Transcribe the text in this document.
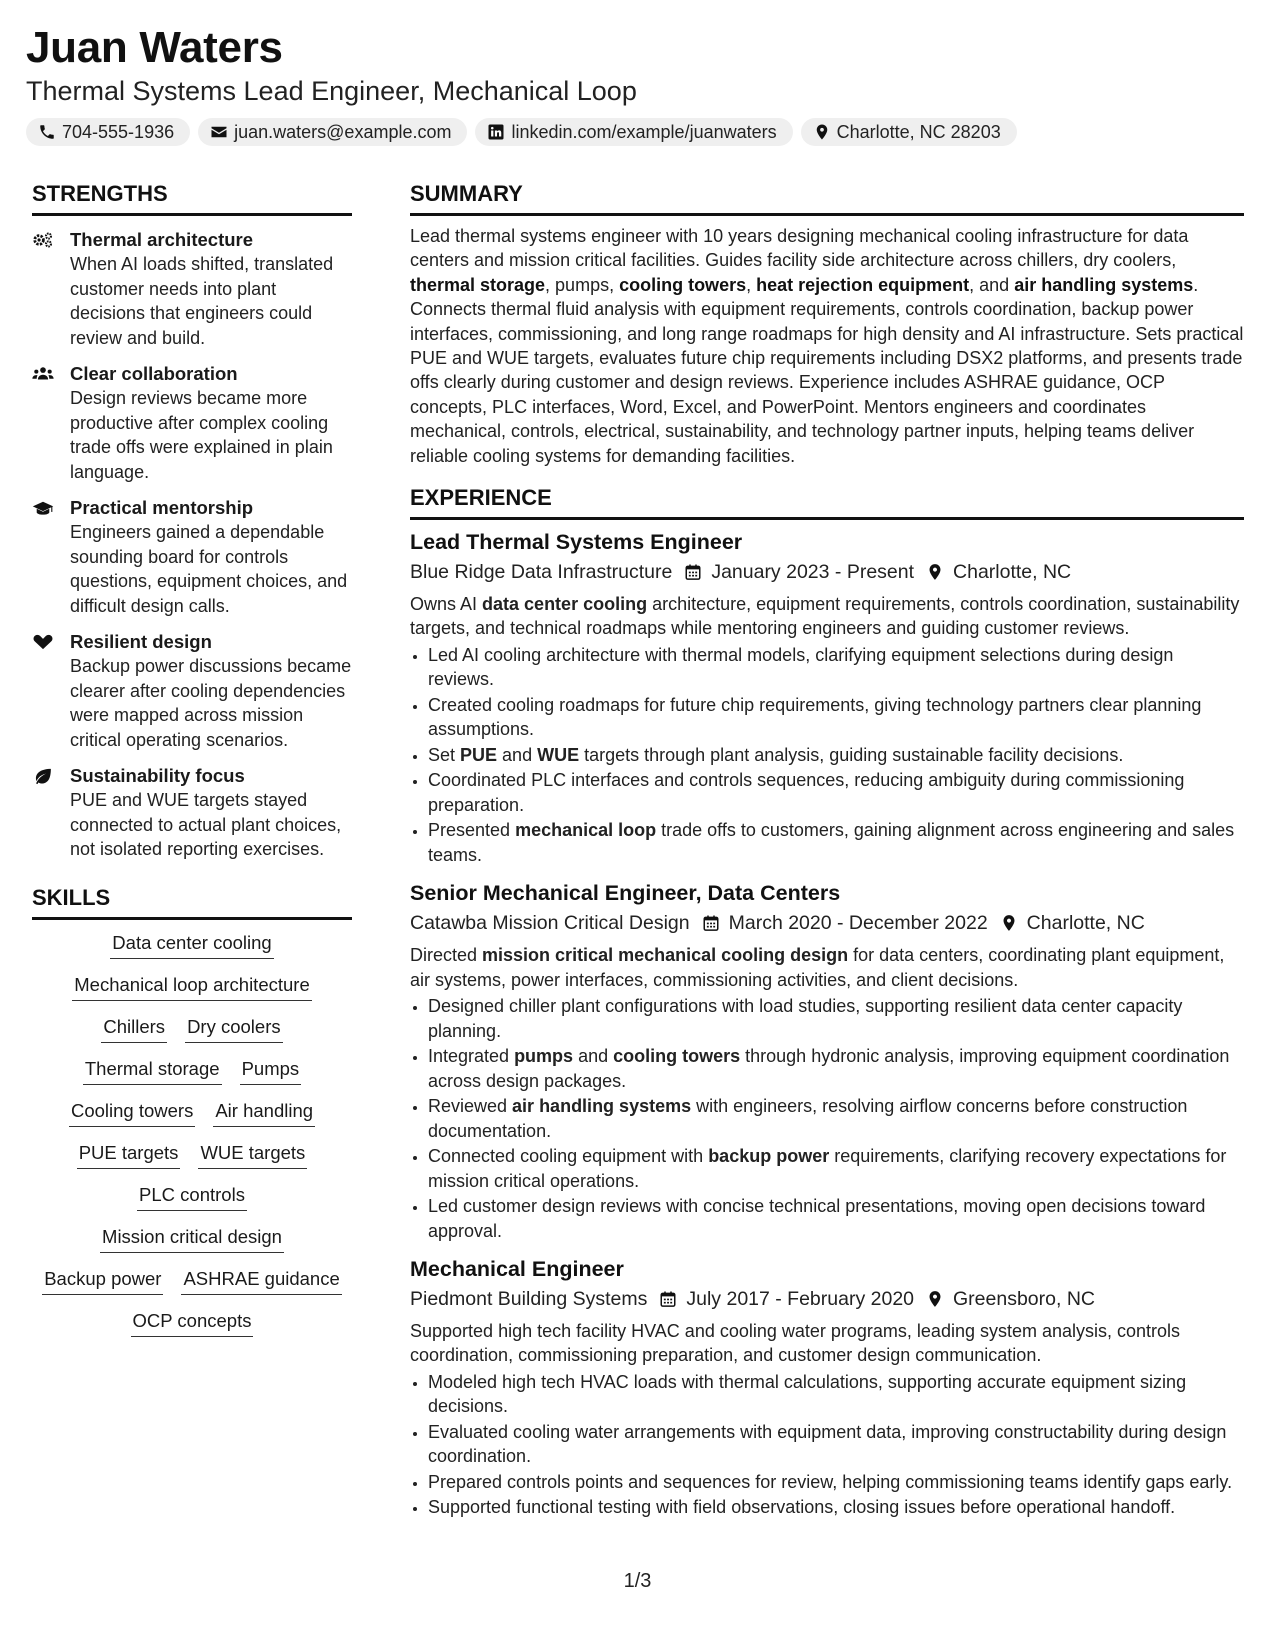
Juan Waters
Thermal Systems Lead Engineer, Mechanical Loop
704-555-1936	juan.waters@example.com	linkedin.com/example/juanwaters	Charlotte, NC 28203
STRENGTHS
Thermal architecture
When AI loads shifted, translated customer needs into plant decisions that engineers could review and build.
Clear collaboration
Design reviews became more productive after complex cooling trade offs were explained in plain language.
Practical mentorship
Engineers gained a dependable sounding board for controls questions, equipment choices, and difficult design calls.
Resilient design
Backup power discussions became clearer after cooling dependencies were mapped across mission critical operating scenarios.
Sustainability focus
PUE and WUE targets stayed connected to actual plant choices, not isolated reporting exercises.
SKILLS
Data center cooling
Mechanical loop architecture
Chillers Dry coolers
Thermal storage Pumps
Cooling towers Air handling
PUE targets WUE targets
PLC controls
Mission critical design
Backup power ASHRAE guidance
OCP concepts
SUMMARY
Lead thermal systems engineer with 10 years designing mechanical cooling infrastructure for data centers and mission critical facilities. Guides facility side architecture across chillers, dry coolers, thermal storage, pumps, cooling towers, heat rejection equipment, and air handling systems. Connects thermal fluid analysis with equipment requirements, controls coordination, backup power interfaces, commissioning, and long range roadmaps for high density and AI infrastructure. Sets practical PUE and WUE targets, evaluates future chip requirements including DSX2 platforms, and presents trade offs clearly during customer and design reviews. Experience includes ASHRAE guidance, OCP concepts, PLC interfaces, Word, Excel, and PowerPoint. Mentors engineers and coordinates mechanical, controls, electrical, sustainability, and technology partner inputs, helping teams deliver reliable cooling systems for demanding facilities.
EXPERIENCE
Lead Thermal Systems Engineer
Blue Ridge Data Infrastructure January 2023 - Present Charlotte, NC
Owns AI data center cooling architecture, equipment requirements, controls coordination, sustainability targets, and technical roadmaps while mentoring engineers and guiding customer reviews.
• Led AI cooling architecture with thermal models, clarifying equipment selections during design reviews.
• Created cooling roadmaps for future chip requirements, giving technology partners clear planning assumptions.
• Set PUE and WUE targets through plant analysis, guiding sustainable facility decisions.
• Coordinated PLC interfaces and controls sequences, reducing ambiguity during commissioning preparation.
• Presented mechanical loop trade offs to customers, gaining alignment across engineering and sales teams.
Senior Mechanical Engineer, Data Centers
Catawba Mission Critical Design March 2020 - December 2022 Charlotte, NC
Directed mission critical mechanical cooling design for data centers, coordinating plant equipment, air systems, power interfaces, commissioning activities, and client decisions.
• Designed chiller plant configurations with load studies, supporting resilient data center capacity planning.
• Integrated pumps and cooling towers through hydronic analysis, improving equipment coordination across design packages.
• Reviewed air handling systems with engineers, resolving airflow concerns before construction documentation.
• Connected cooling equipment with backup power requirements, clarifying recovery expectations for mission critical operations.
• Led customer design reviews with concise technical presentations, moving open decisions toward approval.
Mechanical Engineer
Piedmont Building Systems July 2017 - February 2020 Greensboro, NC
Supported high tech facility HVAC and cooling water programs, leading system analysis, controls coordination, commissioning preparation, and customer design communication.
• Modeled high tech HVAC loads with thermal calculations, supporting accurate equipment sizing decisions.
• Evaluated cooling water arrangements with equipment data, improving constructability during design coordination.
• Prepared controls points and sequences for review, helping commissioning teams identify gaps early.
• Supported functional testing with field observations, closing issues before operational handoff.
1/3
